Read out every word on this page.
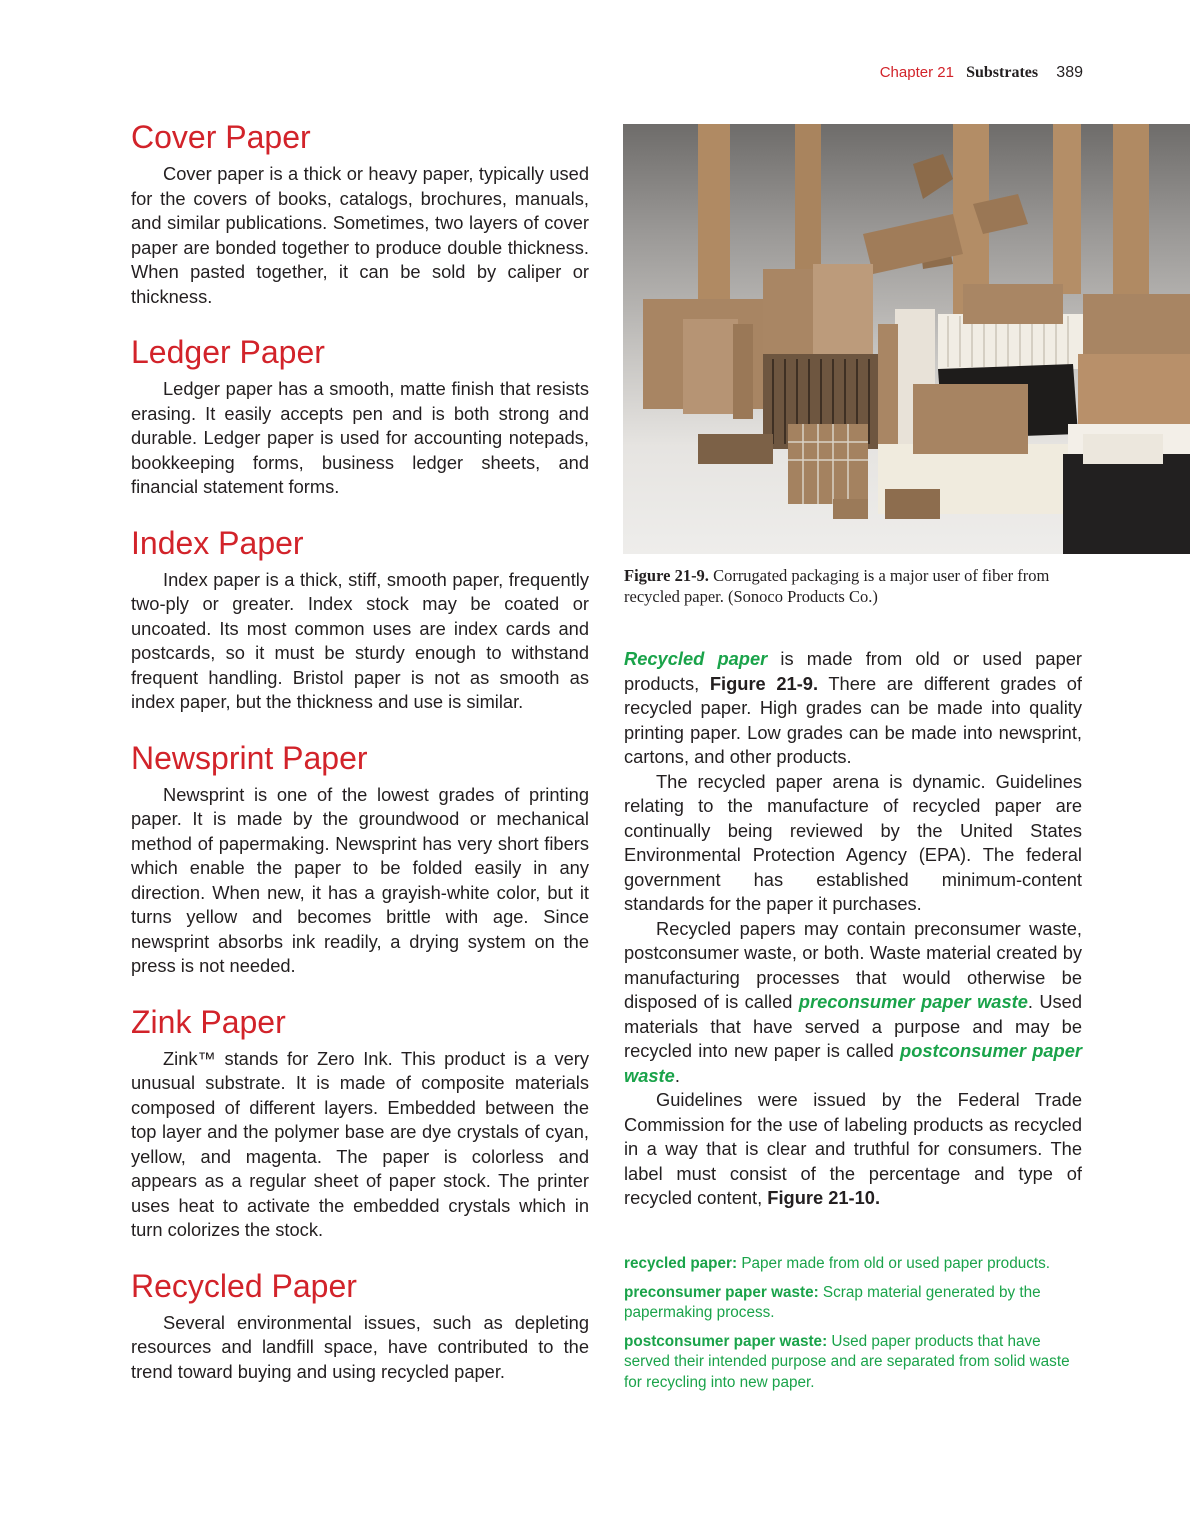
Chapter 21 Substrates 389
Cover Paper

Cover paper is a thick or heavy paper, typically used for the covers of books, catalogs, brochures, manuals, and similar publications. Sometimes, two layers of cover paper are bonded together to produce double thickness. When pasted together, it can be sold by caliper or thickness.

Ledger Paper

Ledger paper has a smooth, matte finish that resists erasing. It easily accepts pen and is both strong and durable. Ledger paper is used for accounting notepads, bookkeeping forms, business ledger sheets, and financial statement forms.

Index Paper

Index paper is a thick, stiff, smooth paper, frequently two-ply or greater. Index stock may be coated or uncoated. Its most common uses are index cards and postcards, so it must be sturdy enough to withstand frequent handling. Bristol paper is not as smooth as index paper, but the thickness and use is similar.

Newsprint Paper

Newsprint is one of the lowest grades of printing paper. It is made by the groundwood or mechanical method of papermaking. Newsprint has very short fibers which enable the paper to be folded easily in any direction. When new, it has a grayish-white color, but it turns yellow and becomes brittle with age. Since newsprint absorbs ink readily, a drying system on the press is not needed.

Zink Paper

Zink™ stands for Zero Ink. This product is a very unusual substrate. It is made of composite materials composed of different layers. Embedded between the top layer and the polymer base are dye crystals of cyan, yellow, and magenta. The paper is colorless and appears as a regular sheet of paper stock. The printer uses heat to activate the embedded crystals which in turn colorizes the stock.

Recycled Paper

Several environmental issues, such as depleting resources and landfill space, have contributed to the trend toward buying and using recycled paper.

Figure 21-9. Corrugated packaging is a major user of fiber from recycled paper. (Sonoco Products Co.)

Recycled paper is made from old or used paper products, Figure 21-9. There are different grades of recycled paper. High grades can be made into quality printing paper. Low grades can be made into newsprint, cartons, and other products.

The recycled paper arena is dynamic. Guidelines relating to the manufacture of recycled paper are continually being reviewed by the United States Environmental Protection Agency (EPA). The federal government has established minimum-content standards for the paper it purchases.

Recycled papers may contain preconsumer waste, postconsumer waste, or both. Waste material created by manufacturing processes that would otherwise be disposed of is called preconsumer paper waste. Used materials that have served a purpose and may be recycled into new paper is called postconsumer paper waste.

Guidelines were issued by the Federal Trade Commission for the use of labeling products as recycled in a way that is clear and truthful for consumers. The label must consist of the percentage and type of recycled content, Figure 21-10.

recycled paper: Paper made from old or used paper products.
preconsumer paper waste: Scrap material generated by the papermaking process.
postconsumer paper waste: Used paper products that have served their intended purpose and are separated from solid waste for recycling into new paper.
